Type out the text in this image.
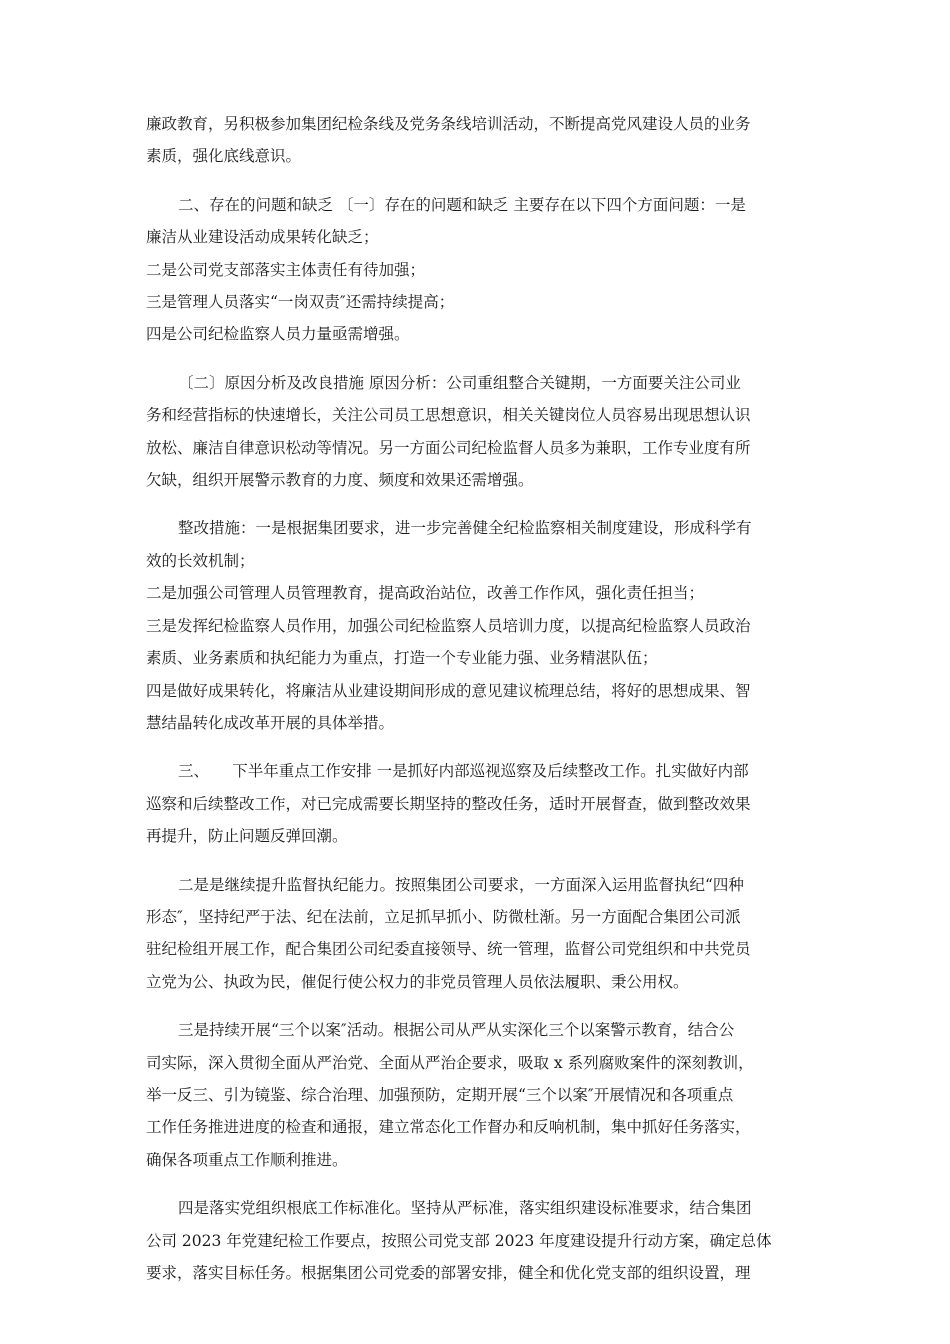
廉政教育，另积极参加集团纪检条线及党务条线培训活动，不断提高党风建设人员的业务
素质，强化底线意识。
二、存在的问题和缺乏 〔一〕存在的问题和缺乏 主要存在以下四个方面问题：一是
廉洁从业建设活动成果转化缺乏；
二是公司党支部落实主体责任有待加强；
三是管理人员落实“一岗双责″还需持续提高；
四是公司纪检监察人员力量亟需增强。
〔二〕原因分析及改良措施 原因分析：公司重组整合关键期，一方面要关注公司业
务和经营指标的快速增长，关注公司员工思想意识，相关关键岗位人员容易出现思想认识
放松、廉洁自律意识松动等情况。另一方面公司纪检监督人员多为兼职，工作专业度有所
欠缺，组织开展警示教育的力度、频度和效果还需增强。
整改措施：一是根据集团要求，进一步完善健全纪检监察相关制度建设，形成科学有
效的长效机制；
二是加强公司管理人员管理教育，提高政治站位，改善工作作风，强化责任担当；
三是发挥纪检监察人员作用，加强公司纪检监察人员培训力度，以提高纪检监察人员政治
素质、业务素质和执纪能力为重点，打造一个专业能力强、业务精湛队伍；
四是做好成果转化，将廉洁从业建设期间形成的意见建议梳理总结，将好的思想成果、智
慧结晶转化成改革开展的具体举措。
三、　　下半年重点工作安排 一是抓好内部巡视巡察及后续整改工作。扎实做好内部
巡察和后续整改工作，对已完成需要长期坚持的整改任务，适时开展督查，做到整改效果
再提升，防止问题反弹回潮。
二是是继续提升监督执纪能力。按照集团公司要求，一方面深入运用监督执纪“四种
形态″，坚持纪严于法、纪在法前，立足抓早抓小、防微杜渐。另一方面配合集团公司派
驻纪检组开展工作，配合集团公司纪委直接领导、统一管理，监督公司党组织和中共党员
立党为公、执政为民，催促行使公权力的非党员管理人员依法履职、秉公用权。
三是持续开展“三个以案″活动。根据公司从严从实深化三个以案警示教育，结合公
司实际，深入贯彻全面从严治党、全面从严治企要求，吸取 x 系列腐败案件的深刻教训，
举一反三、引为镜鉴、综合治理、加强预防，定期开展“三个以案″开展情况和各项重点
工作任务推进进度的检查和通报，建立常态化工作督办和反响机制，集中抓好任务落实，
确保各项重点工作顺利推进。
四是落实党组织根底工作标准化。坚持从严标准，落实组织建设标准要求，结合集团
公司 2023 年党建纪检工作要点，按照公司党支部 2023 年度建设提升行动方案，确定总体
要求，落实目标任务。根据集团公司党委的部署安排，健全和优化党支部的组织设置，理
